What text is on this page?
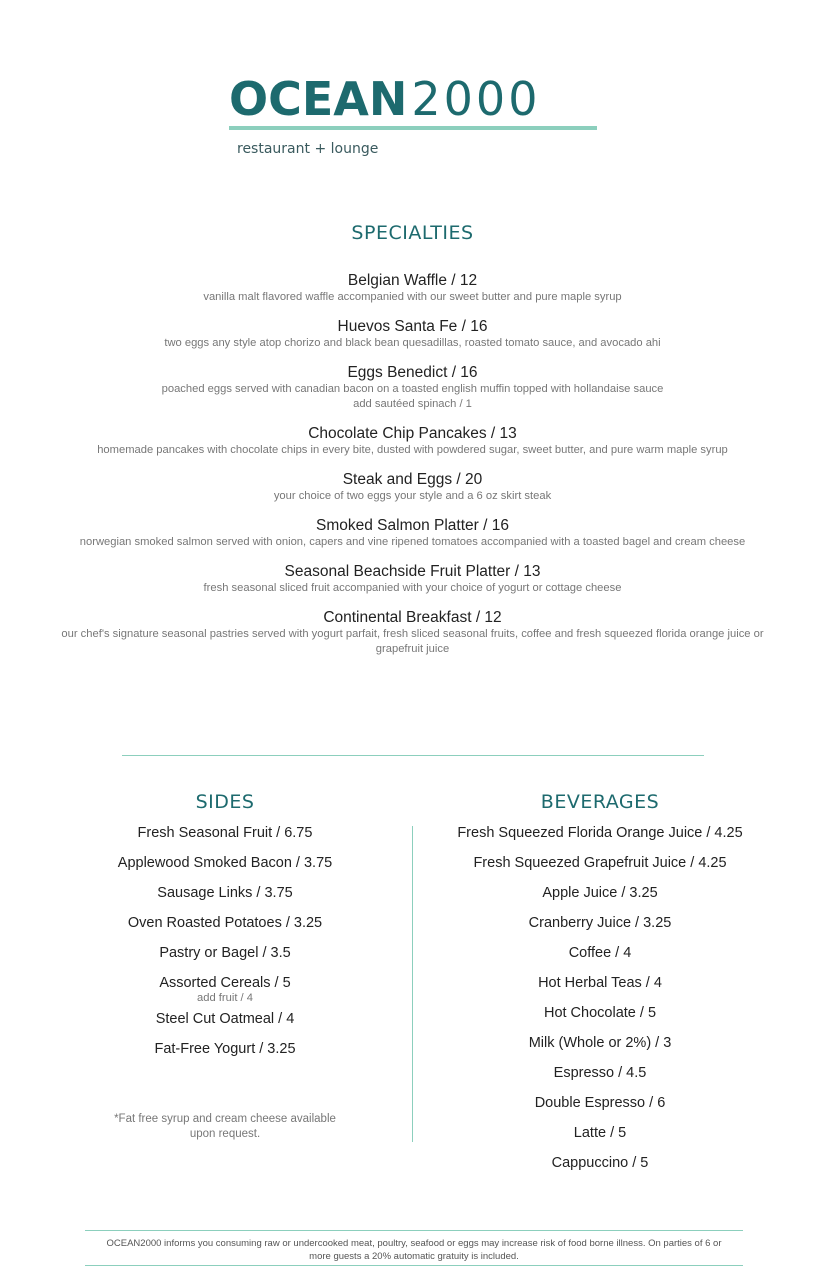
OCEAN 2000
restaurant + lounge
SPECIALTIES
Belgian Waffle / 12
vanilla malt flavored waffle accompanied with our sweet butter and pure maple syrup
Huevos Santa Fe / 16
two eggs any style atop chorizo and black bean quesadillas, roasted tomato sauce, and avocado ahi
Eggs Benedict / 16
poached eggs served with canadian bacon on a toasted english muffin topped with hollandaise sauce
add sautéed spinach / 1
Chocolate Chip Pancakes / 13
homemade pancakes with chocolate chips in every bite, dusted with powdered sugar, sweet butter, and pure warm maple syrup
Steak and Eggs / 20
your choice of two eggs your style and a 6 oz skirt steak
Smoked Salmon Platter / 16
norwegian smoked salmon served with onion, capers and vine ripened tomatoes accompanied with a toasted bagel and cream cheese
Seasonal Beachside Fruit Platter / 13
fresh seasonal sliced fruit accompanied with your choice of yogurt or cottage cheese
Continental Breakfast / 12
our chef's signature seasonal pastries served with yogurt parfait, fresh sliced seasonal fruits, coffee and fresh squeezed florida orange juice or grapefruit juice
SIDES
Fresh Seasonal Fruit / 6.75
Applewood Smoked Bacon / 3.75
Sausage Links / 3.75
Oven Roasted Potatoes / 3.25
Pastry or Bagel / 3.5
Assorted Cereals / 5
add fruit / 4
Steel Cut Oatmeal / 4
Fat-Free Yogurt / 3.25
*Fat free syrup and cream cheese available upon request.
BEVERAGES
Fresh Squeezed Florida Orange Juice / 4.25
Fresh Squeezed Grapefruit Juice / 4.25
Apple Juice / 3.25
Cranberry Juice / 3.25
Coffee / 4
Hot Herbal Teas / 4
Hot Chocolate / 5
Milk (Whole or 2%) / 3
Espresso / 4.5
Double Espresso / 6
Latte / 5
Cappuccino / 5
OCEAN2000 informs you consuming raw or undercooked meat, poultry, seafood or eggs may increase risk of food borne illness. On parties of 6 or more guests a 20% automatic gratuity is included.
